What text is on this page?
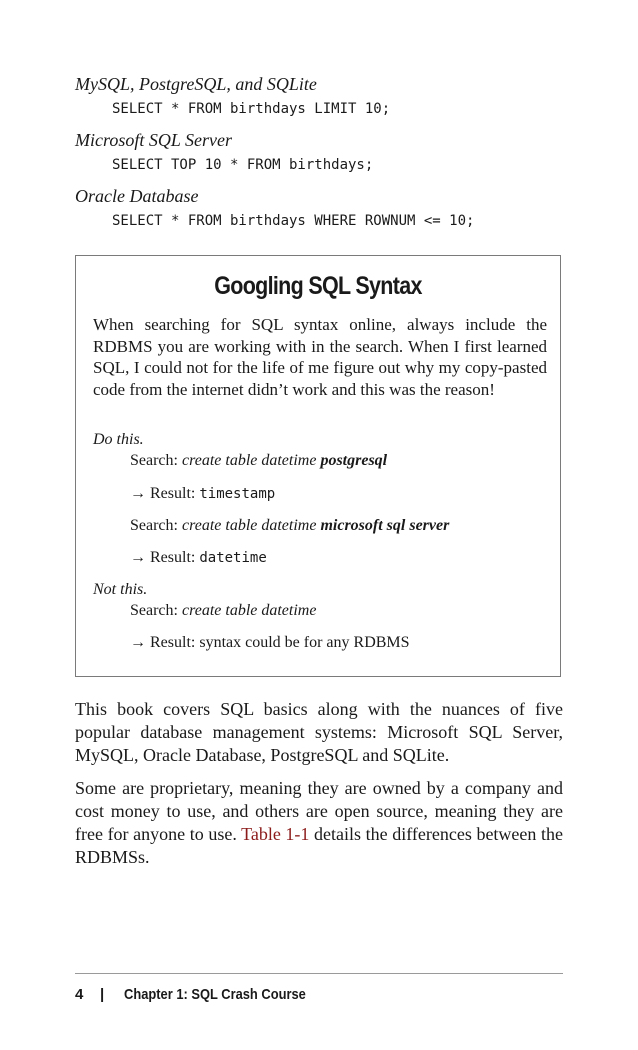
MySQL, PostgreSQL, and SQLite
SELECT * FROM birthdays LIMIT 10;
Microsoft SQL Server
SELECT TOP 10 * FROM birthdays;
Oracle Database
SELECT * FROM birthdays WHERE ROWNUM <= 10;
Googling SQL Syntax
When searching for SQL syntax online, always include the RDBMS you are working with in the search. When I first learned SQL, I could not for the life of me figure out why my copy-pasted code from the internet didn’t work and this was the reason!
Do this.
Search: create table datetime postgresql
→ Result: timestamp
Search: create table datetime microsoft sql server
→ Result: datetime
Not this.
Search: create table datetime
→ Result: syntax could be for any RDBMS
This book covers SQL basics along with the nuances of five popular database management systems: Microsoft SQL Server, MySQL, Oracle Database, PostgreSQL and SQLite.
Some are proprietary, meaning they are owned by a company and cost money to use, and others are open source, meaning they are free for anyone to use. Table 1-1 details the differences between the RDBMSs.
4 | Chapter 1: SQL Crash Course
